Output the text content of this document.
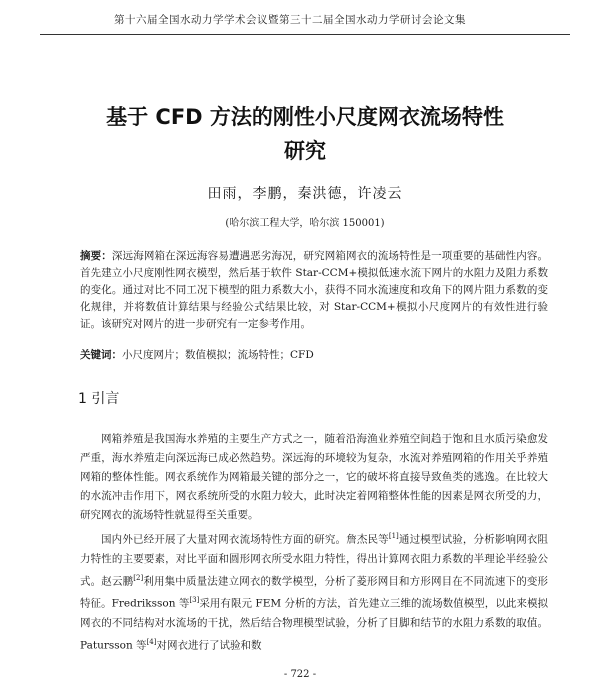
第十六届全国水动力学学术会议暨第三十二届全国水动力学研讨会论文集
基于 CFD 方法的刚性小尺度网衣流场特性
研究
田雨，李鹏，秦洪德，许凌云
(哈尔滨工程大学，哈尔滨 150001)
摘要：深远海网箱在深远海容易遭遇恶劣海况，研究网箱网衣的流场特性是一项重要的基础性内容。首先建立小尺度刚性网衣模型，然后基于软件 Star-CCM+模拟低速水流下网片的水阻力及阻力系数的变化。通过对比不同工况下模型的阻力系数大小，获得不同水流速度和攻角下的网片阻力系数的变化规律，并将数值计算结果与经验公式结果比较，对 Star-CCM+模拟小尺度网片的有效性进行验证。该研究对网片的进一步研究有一定参考作用。
关键词：小尺度网片；数值模拟；流场特性；CFD
1 引言
网箱养殖是我国海水养殖的主要生产方式之一，随着沿海渔业养殖空间趋于饱和且水质污染愈发严重，海水养殖走向深远海已成必然趋势。深远海的环境较为复杂，水流对养殖网箱的作用关乎养殖网箱的整体性能。网衣系统作为网箱最关键的部分之一，它的破坏将直接导致鱼类的逃逸。在比较大的水流冲击作用下，网衣系统所受的水阻力较大，此时决定着网箱整体性能的因素是网衣所受的力，研究网衣的流场特性就显得至关重要。
国内外已经开展了大量对网衣流场特性方面的研究。詹杰民等[1]通过模型试验，分析影响网衣阻力特性的主要要素，对比平面和圆形网衣所受水阻力特性，得出计算网衣阻力系数的半理论半经验公式。赵云鹏[2]利用集中质量法建立网衣的数学模型，分析了菱形网目和方形网目在不同流速下的变形特征。Fredriksson 等[3]采用有限元 FEM 分析的方法，首先建立三维的流场数值模型，以此来模拟网衣的不同结构对水流场的干扰，然后结合物理模型试验，分析了目脚和结节的水阻力系数的取值。Patursson 等[4]对网衣进行了试验和数
- 722 -
